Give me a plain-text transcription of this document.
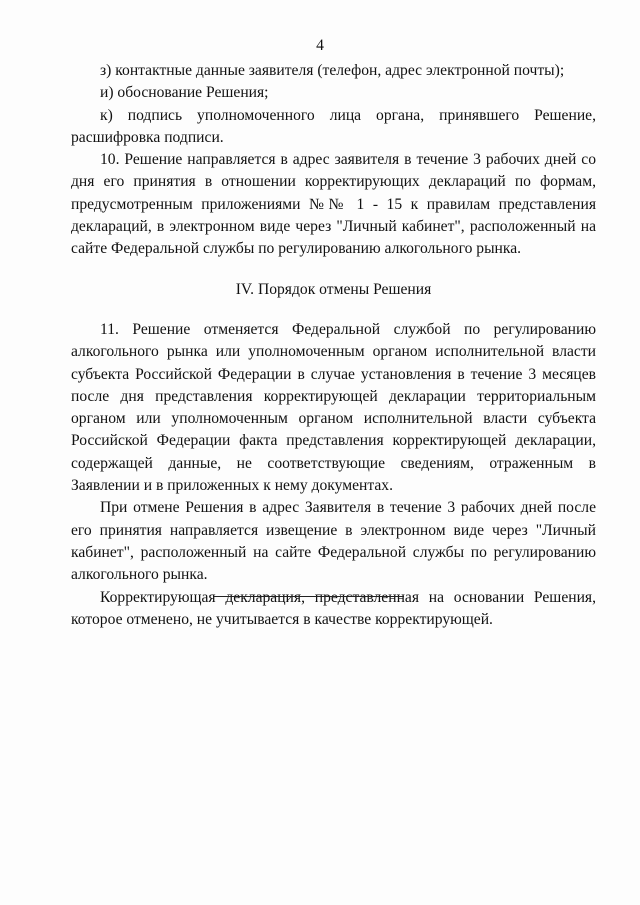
4

з) контактные данные заявителя (телефон, адрес электронной почты);

и) обоснование Решения;

к) подпись уполномоченного лица органа, принявшего Решение, расшифровка подписи.

10. Решение направляется в адрес заявителя в течение 3 рабочих дней со дня его принятия в отношении корректирующих деклараций по формам, предусмотренным приложениями №№ 1 - 15 к правилам представления деклараций, в электронном виде через "Личный кабинет", расположенный на сайте Федеральной службы по регулированию алкогольного рынка.

IV. Порядок отмены Решения

11. Решение отменяется Федеральной службой по регулированию алкогольного рынка или уполномоченным органом исполнительной власти субъекта Российской Федерации в случае установления в течение 3 месяцев после дня представления корректирующей декларации территориальным органом или уполномоченным органом исполнительной власти субъекта Российской Федерации факта представления корректирующей декларации, содержащей данные, не соответствующие сведениям, отраженным в Заявлении и в приложенных к нему документах.

При отмене Решения в адрес Заявителя в течение 3 рабочих дней после его принятия направляется извещение в электронном виде через "Личный кабинет", расположенный на сайте Федеральной службы по регулированию алкогольного рынка.

Корректирующая декларация, представленная на основании Решения, которое отменено, не учитывается в качестве корректирующей.
